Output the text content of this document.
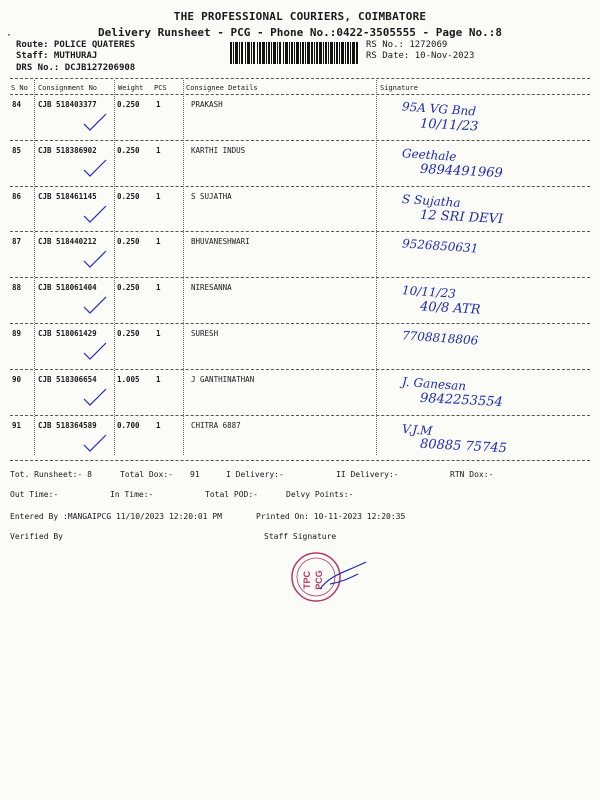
·
THE PROFESSIONAL COURIERS, COIMBATORE
Delivery Runsheet - PCG - Phone No.:0422-3505555 - Page No.:8
Route: POLICE QUATERES
Staff: MUTHURAJ
DRS No.: DCJB127206908
RS No.: 1272069
RS Date: 10-Nov-2023
S No Consignment No	Weight PCS	Consignee Details	Signature
84 CJB 518403377	0.250 1	PRAKASH	95A VG Bnd
10/11/23
85 CJB 518386902	0.250 1	KARTHI INDUS	Geethale
9894491969
86 CJB 518461145	0.250 1	S SUJATHA	S Sujatha
12 SRI DEVI
87 CJB 518440212	0.250 1	BHUVANESHWARI	9526850631
88 CJB 518061404	0.250 1	NIRESANNA	10/11/23
40/8 ATR
89 CJB 518061429	0.250 1	SURESH	7708818806
90 CJB 518306654	1.005 1	J GANTHINATHAN	J. Ganesan
9842253554
91 CJB 518364589	0.700 1	CHITRA 6887	V.J.M
80885 75745
Tot. Runsheet:- 8	Total Dox:- 91	I Delivery:-	II Delivery:-	RTN Dox:-
Out Time:-	In Time:-	Total POD:-	Delvy Points:-
Entered By :MANGAIPCG 11/10/2023 12:20:01 PM	Printed On: 10-11-2023 12:20:35
Verified By	Staff Signature
TPC PCG
